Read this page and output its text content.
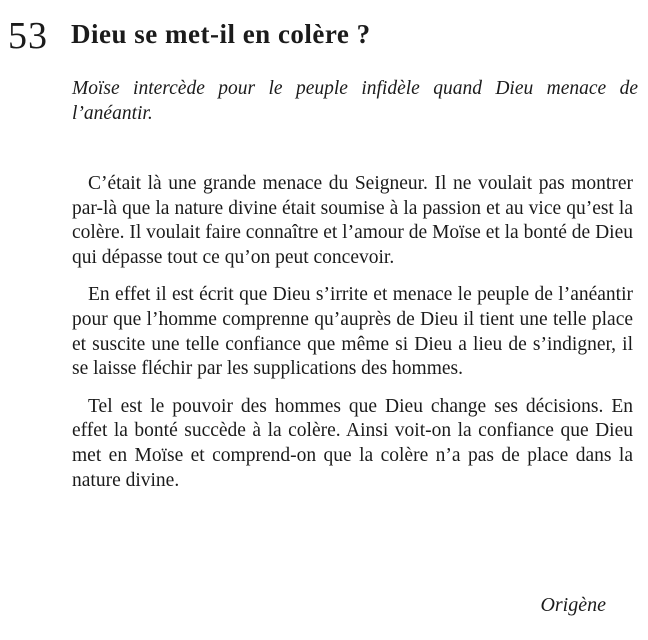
53 Dieu se met-il en colère ?
Moïse intercède pour le peuple infidèle quand Dieu menace de l’anéantir.

C’était là une grande menace du Seigneur. Il ne voulait pas montrer par-là que la nature divine était soumise à la passion et au vice qu’est la colère. Il voulait faire connaître et l’amour de Moïse et la bonté de Dieu qui dépasse tout ce qu’on peut concevoir.

En effet il est écrit que Dieu s’irrite et menace le peuple de l’anéantir pour que l’homme comprenne qu’auprès de Dieu il tient une telle place et suscite une telle confiance que même si Dieu a lieu de s’indigner, il se laisse fléchir par les supplications des hommes.

Tel est le pouvoir des hommes que Dieu change ses décisions. En effet la bonté succède à la colère. Ainsi voit-on la confiance que Dieu met en Moïse et comprend-on que la colère n’a pas de place dans la nature divine.

Origène
